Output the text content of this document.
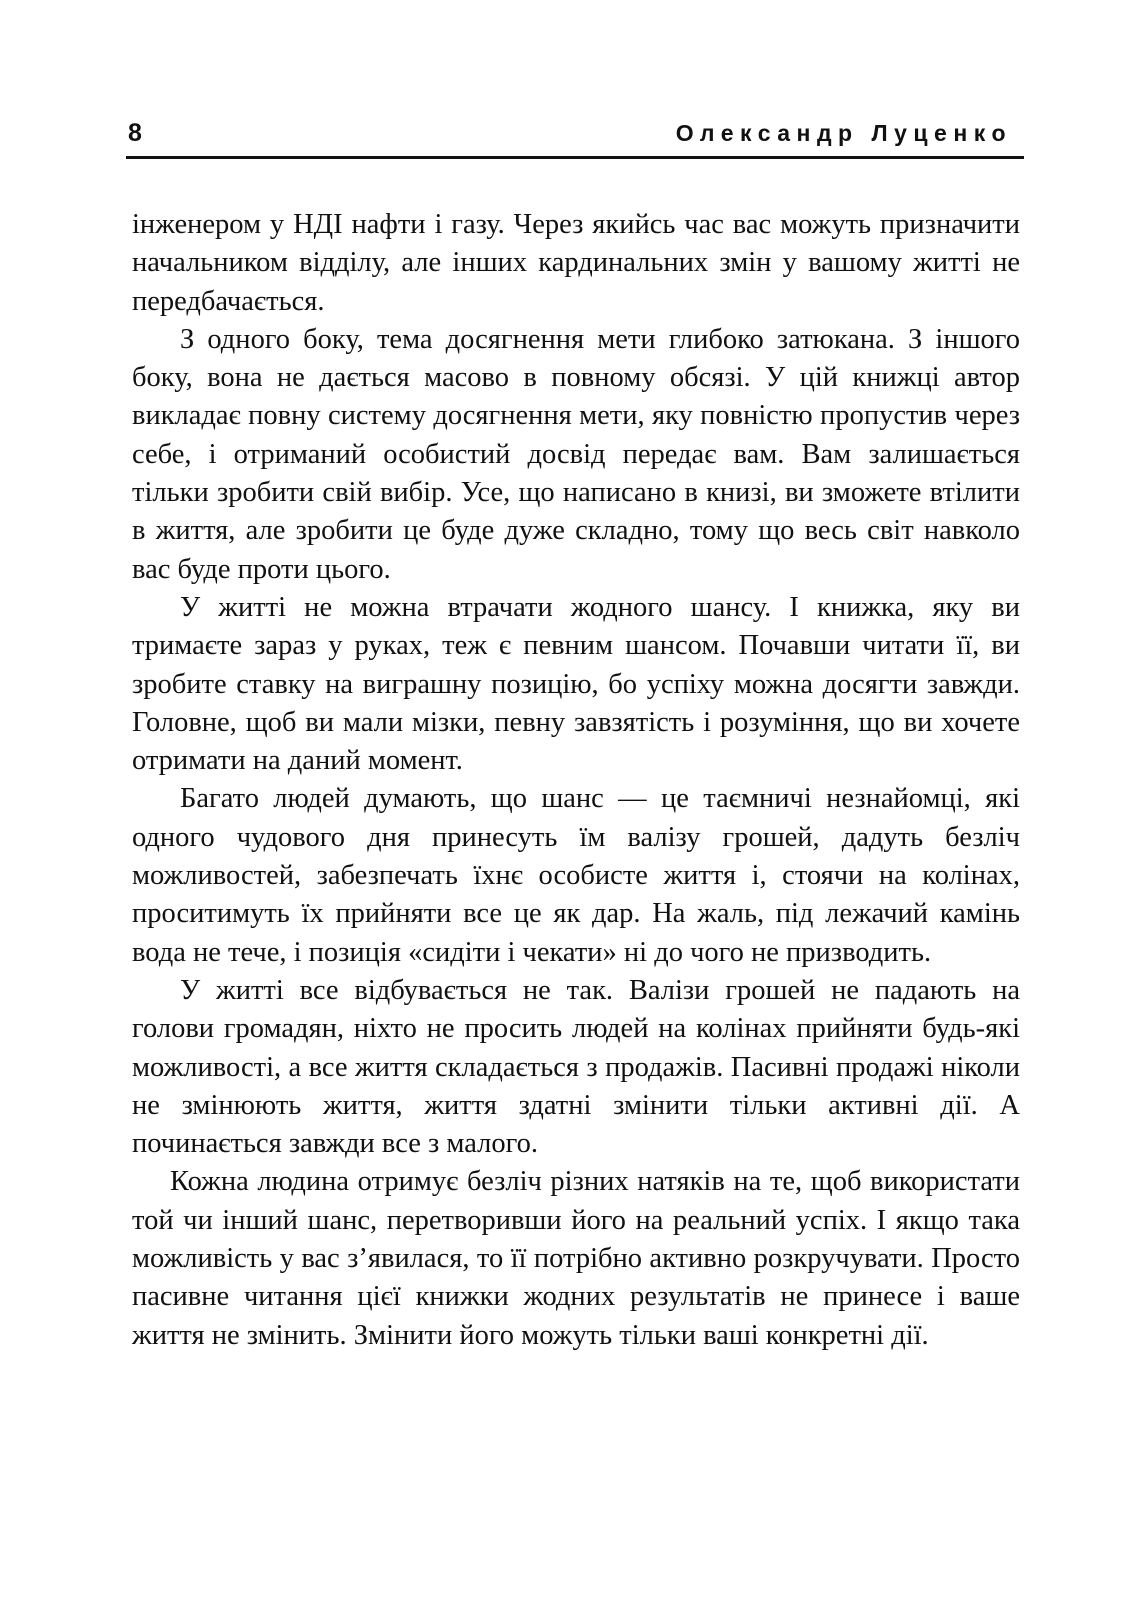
8	Олександр Луценко

інженером у НДІ нафти і газу. Через якийсь час вас можуть призначити начальником відділу, але інших кардинальних змін у вашому житті не передбачається.

З одного боку, тема досягнення мети глибоко затюкана. З іншого боку, вона не дається масово в повному обсязі. У цій книжці автор викладає повну систему досягнення мети, яку повністю пропустив через себе, і отриманий особистий досвід передає вам. Вам залишається тільки зробити свій вибір. Усе, що написано в книзі, ви зможете втілити в життя, але зробити це буде дуже складно, тому що весь світ навколо вас буде проти цього.

У житті не можна втрачати жодного шансу. І книжка, яку ви тримаєте зараз у руках, теж є певним шансом. Почавши читати її, ви зробите ставку на виграшну позицію, бо успіху можна досягти завжди. Головне, щоб ви мали мізки, певну завзятість і розуміння, що ви хочете отримати на даний момент.

Багато людей думають, що шанс — це таємничі незнайомці, які одного чудового дня принесуть їм валізу грошей, дадуть безліч можливостей, забезпечать їхнє особисте життя і, стоячи на колінах, проситимуть їх прийняти все це як дар. На жаль, під лежачий камінь вода не тече, і позиція «сидіти і чекати» ні до чого не призводить.

У житті все відбувається не так. Валізи грошей не падають на голови громадян, ніхто не просить людей на колінах прийняти будь-які можливості, а все життя складається з продажів. Пасивні продажі ніколи не змінюють життя, життя здатні змінити тільки активні дії. А починається завжди все з малого.

Кожна людина отримує безліч різних натяків на те, щоб використати той чи інший шанс, перетворивши його на реальний успіх. І якщо така можливість у вас з’явилася, то її потрібно активно розкручувати. Просто пасивне читання цієї книжки жодних результатів не принесе і ваше життя не змінить. Змінити його можуть тільки ваші конкретні дії.
